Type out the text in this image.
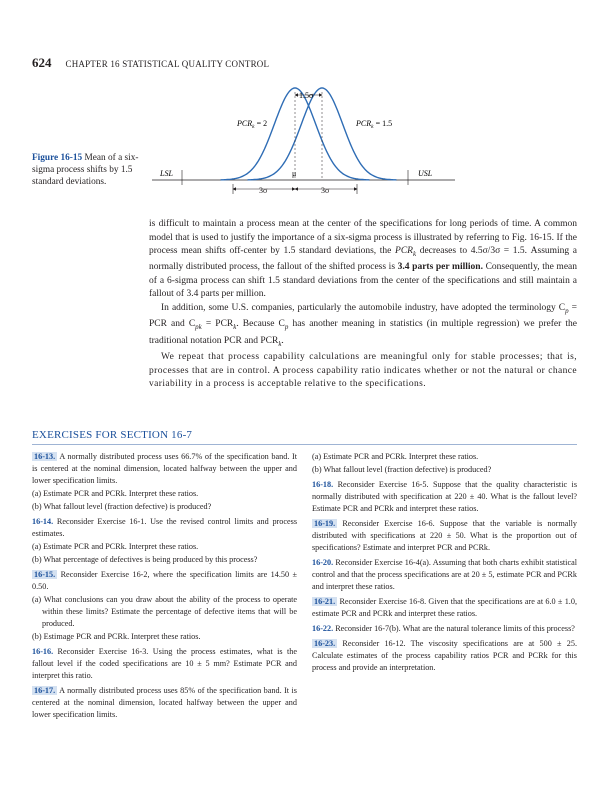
624 CHAPTER 16 STATISTICAL QUALITY CONTROL
1.5σ
$PCR_k = 2$	$PCR_k = 1.5$
LSL	USL
μ
3σ	3σ
Figure 16-15 Mean of a six-sigma process shifts by 1.5 standard deviations.

is difficult to maintain a process mean at the center of the specifications for long periods of time. A common model that is used to justify the importance of a six-sigma process is illustrated by referring to Fig. 16-15. If the process mean shifts off-center by 1.5 standard deviations, the $PCR_k$ decreases to 4.5σ/3σ = 1.5. Assuming a normally distributed process, the fallout of the shifted process is 3.4 parts per million. Consequently, the mean of a 6-sigma process can shift 1.5 standard deviations from the center of the specifications and still maintain a fallout of 3.4 parts per million.

In addition, some U.S. companies, particularly the automobile industry, have adopted the terminology $C_p$ = PCR and $C_{pk} = PCR_k$. Because $C_p$ has another meaning in statistics (in multiple regression) we prefer the traditional notation PCR and $PCR_k$.

We repeat that process capability calculations are meaningful only for stable processes; that is, processes that are in control. A process capability ratio indicates whether or not the natural or chance variability in a process is acceptable relative to the specifications.

EXERCISES FOR SECTION 16-7

16-13. A normally distributed process uses 66.7% of the specification band. It is centered at the nominal dimension, located halfway between the upper and lower specification limits.

(a) Estimate PCR and PCRk. Interpret these ratios.

(b) What fallout level (fraction defective) is produced?

16-14. Reconsider Exercise 16-1. Use the revised control limits and process estimates.

(a) Estimate PCR and PCRk. Interpret these ratios.

(b) What percentage of defectives is being produced by this process?

16-15. Reconsider Exercise 16-2, where the specification limits are 14.50 ± 0.50.

(a) What conclusions can you draw about the ability of the process to operate within these limits? Estimate the percentage of defective items that will be produced.

(b) Estimage PCR and PCRk. Interpret these ratios.

16-16. Reconsider Exercise 16-3. Using the process estimates, what is the fallout level if the coded specifications are 10 ± 5 mm? Estimate PCR and interpret this ratio.

16-17. A normally distributed process uses 85% of the specification band. It is centered at the nominal dimension, located halfway between the upper and lower specification limits.

(a) Estimate PCR and PCRk. Interpret these ratios.

(b) What fallout level (fraction defective) is produced?

16-18. Reconsider Exercise 16-5. Suppose that the quality characteristic is normally distributed with specification at 220 ± 40. What is the fallout level? Estimate PCR and PCRk and interpret these ratios.

16-19. Reconsider Exercise 16-6. Suppose that the variable is normally distributed with specifications at 220 ± 50. What is the proportion out of specifications? Estimate and interpret PCR and PCRk.

16-20. Reconsider Exercise 16-4(a). Assuming that both charts exhibit statistical control and that the process specifications are at 20 ± 5, estimate PCR and PCRk and interpret these ratios.

16-21. Reconsider Exercise 16-8. Given that the specifications are at 6.0 ± 1.0, estimate PCR and PCRk and interpret these ratios.

16-22. Reconsider 16-7(b). What are the natural tolerance limits of this process?

16-23. Reconsider 16-12. The viscosity specifications are at 500 ± 25. Calculate estimates of the process capability ratios PCR and PCRk for this process and provide an interpretation.
